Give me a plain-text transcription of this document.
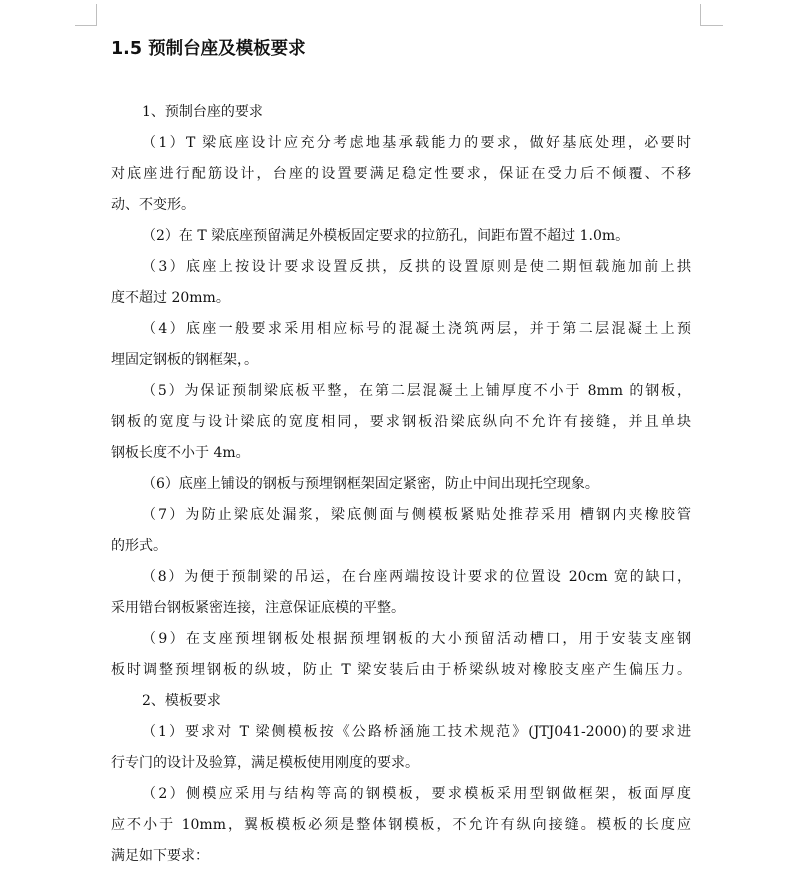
1.5 预制台座及模板要求
1、预制台座的要求
（1）T 梁底座设计应充分考虑地基承载能力的要求，做好基底处理，必要时
对底座进行配筋设计，台座的设置要满足稳定性要求，保证在受力后不倾覆、不移
动、不变形。
（2）在 T 梁底座预留满足外模板固定要求的拉筋孔，间距布置不超过 1.0m。
（3）底座上按设计要求设置反拱，反拱的设置原则是使二期恒载施加前上拱
度不超过 20mm。
（4）底座一般要求采用相应标号的混凝土浇筑两层，并于第二层混凝土上预
埋固定钢板的钢框架，。
（5）为保证预制梁底板平整，在第二层混凝土上铺厚度不小于 8mm 的钢板，
钢板的宽度与设计梁底的宽度相同，要求钢板沿梁底纵向不允许有接缝，并且单块
钢板长度不小于 4m。
（6）底座上铺设的钢板与预埋钢框架固定紧密，防止中间出现托空现象。
（7）为防止梁底处漏浆，梁底侧面与侧模板紧贴处推荐采用 槽钢内夹橡胶管
的形式。
（8）为便于预制梁的吊运，在台座两端按设计要求的位置设 20cm 宽的缺口，
采用错台钢板紧密连接，注意保证底模的平整。
（9）在支座预埋钢板处根据预埋钢板的大小预留活动槽口，用于安装支座钢
板时调整预埋钢板的纵坡，防止 T 梁安装后由于桥梁纵坡对橡胶支座产生偏压力。
2、模板要求
（1）要求对 T 梁侧模板按《公路桥涵施工技术规范》(JTJ041-2000)的要求进
行专门的设计及验算，满足模板使用刚度的要求。
（2）侧模应采用与结构等高的钢模板，要求模板采用型钢做框架，板面厚度
应不小于 10mm，翼板模板必须是整体钢模板，不允许有纵向接缝。模板的长度应
满足如下要求：
